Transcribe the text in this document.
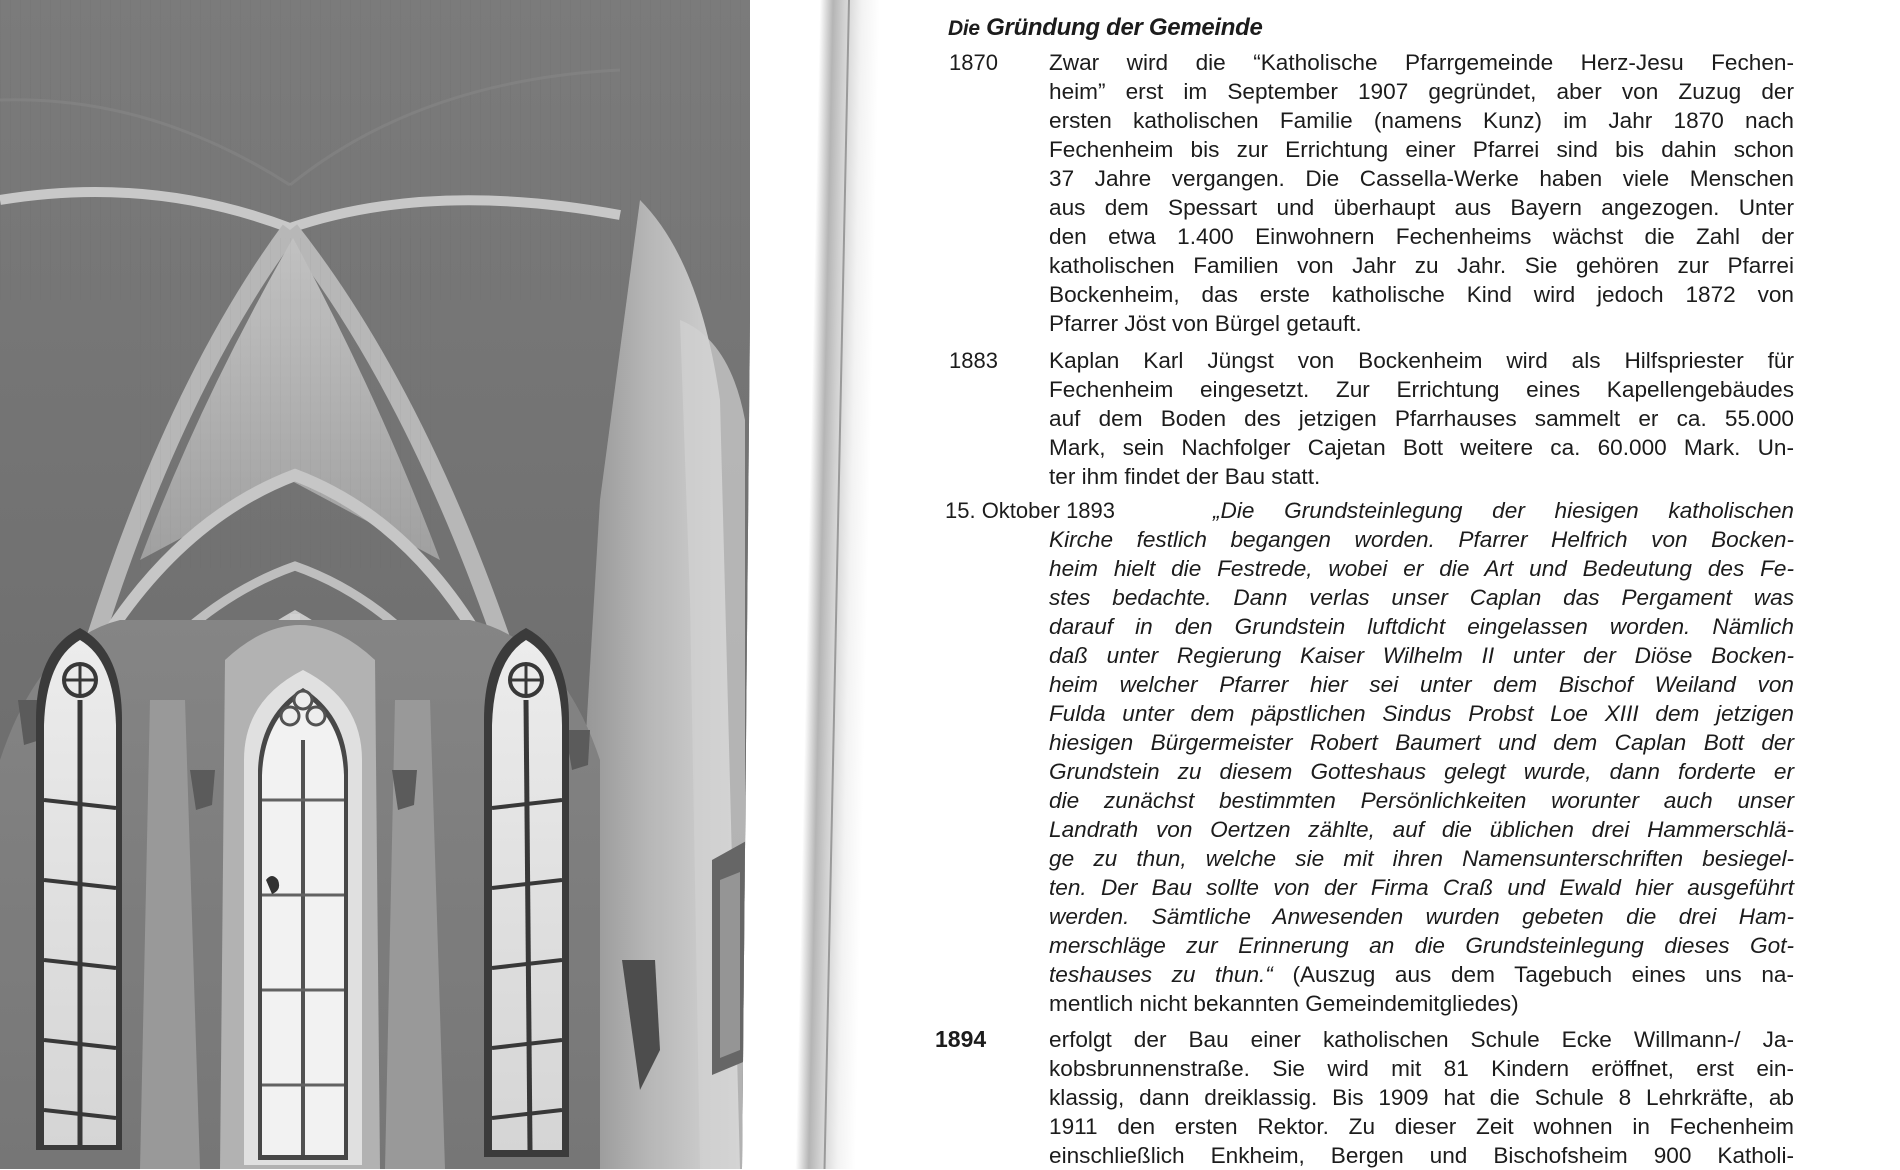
Die Gründung der Gemeinde
1870 Zwar wird die “Katholische Pfarrgemeinde Herz-Jesu Fechen-
heim” erst im September 1907 gegründet, aber von Zuzug der
ersten katholischen Familie (namens Kunz) im Jahr 1870 nach
Fechenheim bis zur Errichtung einer Pfarrei sind bis dahin schon
37 Jahre vergangen. Die Cassella-Werke haben viele Menschen
aus dem Spessart und überhaupt aus Bayern angezogen. Unter
den etwa 1.400 Einwohnern Fechenheims wächst die Zahl der
katholischen Familien von Jahr zu Jahr. Sie gehören zur Pfarrei
Bockenheim, das erste katholische Kind wird jedoch 1872 von
Pfarrer Jöst von Bürgel getauft.
1883 Kaplan Karl Jüngst von Bockenheim wird als Hilfspriester für
Fechenheim eingesetzt. Zur Errichtung eines Kapellengebäudes
auf dem Boden des jetzigen Pfarrhauses sammelt er ca. 55.000
Mark, sein Nachfolger Cajetan Bott weitere ca. 60.000 Mark. Un-
ter ihm findet der Bau statt.
15. Oktober 1893	„Die Grundsteinlegung der hiesigen katholischen
Kirche festlich begangen worden. Pfarrer Helfrich von Bocken-
heim hielt die Festrede, wobei er die Art und Bedeutung des Fe-
stes bedachte. Dann verlas unser Caplan das Pergament was
darauf in den Grundstein luftdicht eingelassen worden. Nämlich
daß unter Regierung Kaiser Wilhelm II unter der Diöse Bocken-
heim welcher Pfarrer hier sei unter dem Bischof Weiland von
Fulda unter dem päpstlichen Sindus Probst Loe XIII dem jetzigen
hiesigen Bürgermeister Robert Baumert und dem Caplan Bott der
Grundstein zu diesem Gotteshaus gelegt wurde, dann forderte er
die zunächst bestimmten Persönlichkeiten worunter auch unser
Landrath von Oertzen zählte, auf die üblichen drei Hammerschlä-
ge zu thun, welche sie mit ihren Namensunterschriften besiegel-
ten. Der Bau sollte von der Firma Craß und Ewald hier ausgeführt
werden. Sämtliche Anwesenden wurden gebeten die drei Ham-
merschläge zur Erinnerung an die Grundsteinlegung dieses Got-
teshauses zu thun.“ (Auszug aus dem Tagebuch eines uns na-
mentlich nicht bekannten Gemeindemitgliedes)
1894	erfolgt der Bau einer katholischen Schule Ecke Willmann-/ Ja-
kobsbrunnenstraße. Sie wird mit 81 Kindern eröffnet, erst ein-
klassig, dann dreiklassig. Bis 1909 hat die Schule 8 Lehrkräfte, ab
1911 den ersten Rektor. Zu dieser Zeit wohnen in Fechenheim
einschließlich Enkheim, Bergen und Bischofsheim 900 Katholi-
